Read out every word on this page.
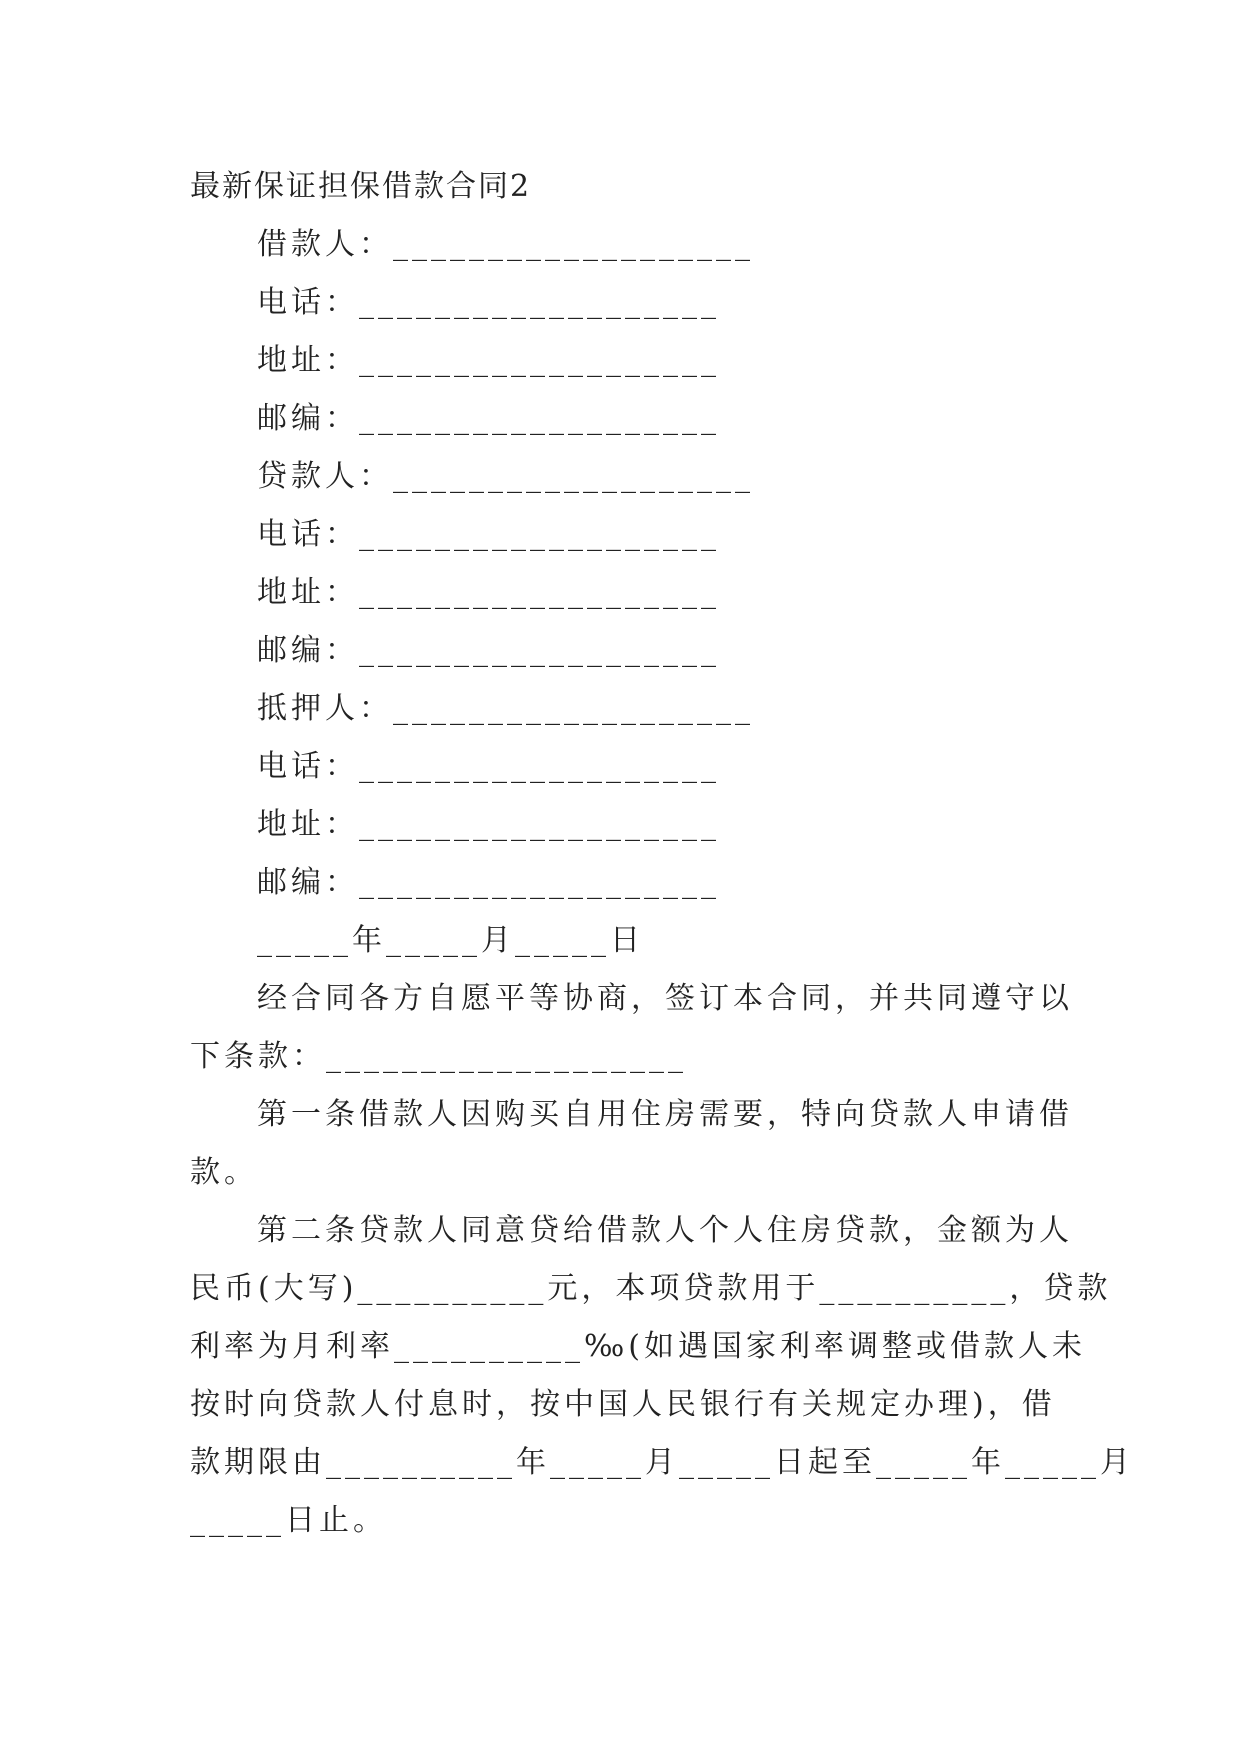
最新保证担保借款合同2
借款人：___________________
电话：___________________
地址：___________________
邮编：___________________
贷款人：___________________
电话：___________________
地址：___________________
邮编：___________________
抵押人：___________________
电话：___________________
地址：___________________
邮编：___________________
_____年_____月_____日
经合同各方自愿平等协商，签订本合同，并共同遵守以
下条款：___________________
第一条借款人因购买自用住房需要，特向贷款人申请借
款。
第二条贷款人同意贷给借款人个人住房贷款，金额为人
民币(大写)__________元，本项贷款用于__________，贷款
利率为月利率__________‰(如遇国家利率调整或借款人未
按时向贷款人付息时，按中国人民银行有关规定办理)，借
款期限由__________年_____月_____日起至_____年_____月
_____日止。
